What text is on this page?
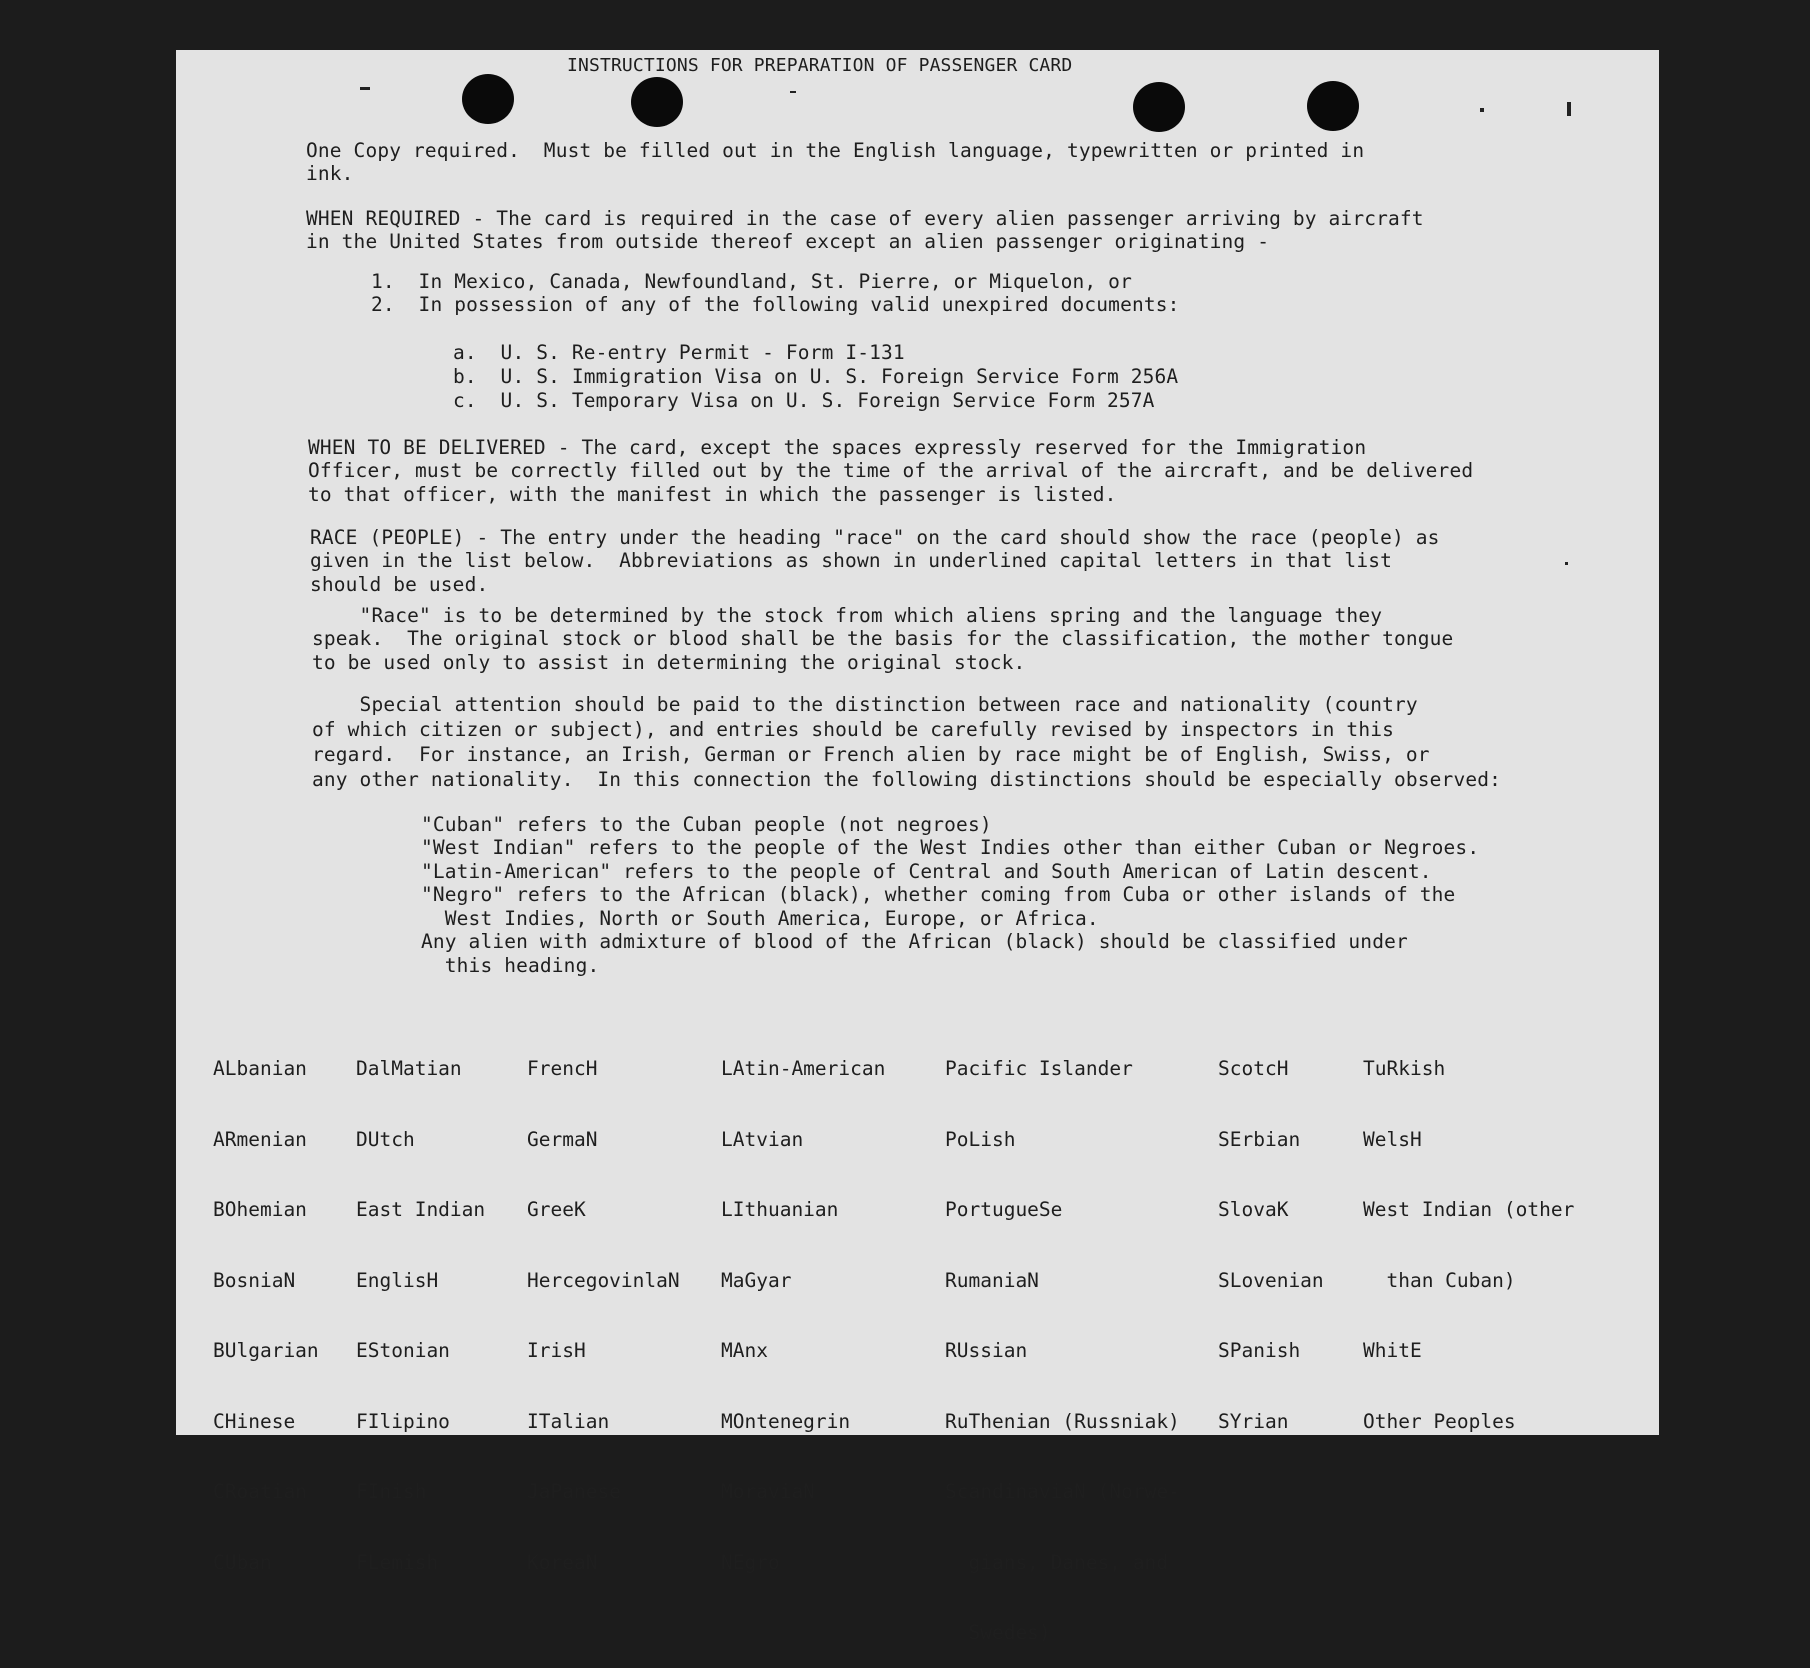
INSTRUCTIONS FOR PREPARATION OF PASSENGER CARD

One Copy required.  Must be filled out in the English language, typewritten or printed in
ink.

WHEN REQUIRED - The card is required in the case of every alien passenger arriving by aircraft
in the United States from outside thereof except an alien passenger originating -

1.  In Mexico, Canada, Newfoundland, St. Pierre, or Miquelon, or
2.  In possession of any of the following valid unexpired documents:

a.  U. S. Re-entry Permit - Form I-131
b.  U. S. Immigration Visa on U. S. Foreign Service Form 256A
c.  U. S. Temporary Visa on U. S. Foreign Service Form 257A

WHEN TO BE DELIVERED - The card, except the spaces expressly reserved for the Immigration
Officer, must be correctly filled out by the time of the arrival of the aircraft, and be delivered
to that officer, with the manifest in which the passenger is listed.

RACE (PEOPLE) - The entry under the heading "race" on the card should show the race (people) as
given in the list below.  Abbreviations as shown in underlined capital letters in that list
should be used.

"Race" is to be determined by the stock from which aliens spring and the language they
speak.  The original stock or blood shall be the basis for the classification, the mother tongue
to be used only to assist in determining the original stock.

Special attention should be paid to the distinction between race and nationality (country
of which citizen or subject), and entries should be carefully revised by inspectors in this
regard.  For instance, an Irish, German or French alien by race might be of English, Swiss, or
any other nationality.  In this connection the following distinctions should be especially observed:

"Cuban" refers to the Cuban people (not negroes)
"West Indian" refers to the people of the West Indies other than either Cuban or Negroes.
"Latin-American" refers to the people of Central and South American of Latin descent.
"Negro" refers to the African (black), whether coming from Cuba or other islands of the
West Indies, North or South America, Europe, or Africa.
Any alien with admixture of blood of the African (black) should be classified under
this heading.

ALbanian

ARmenian

BOhemian

BosniaN

BUlgarian

CHinese

CRoatian

CUban

DalMatian

DUtch

East Indian

EnglisH

EStonian

FIlipino

FInish

FLemish

FrencH

GermaN

GreeK

HercegovinlaN

IrisH

ITalian

JaPanese

KoreaN

LAtin-American

LAtvian

LIthuanian

MaGyar

MAnx

MOntenegrin

MoraviaN

NEgro

Pacific Islander

PoLish

PortugueSe

RumaniaN

RUssian

RuThenian (Russniak)

ScandinaviaN (Norwe-

gians, Danes, and

Swedes)

ScotcH

SErbian

SlovaK

SLovenian

SPanish

SYrian

TuRkish

WelsH

West Indian (other

than Cuban)

WhitE

Other Peoples
